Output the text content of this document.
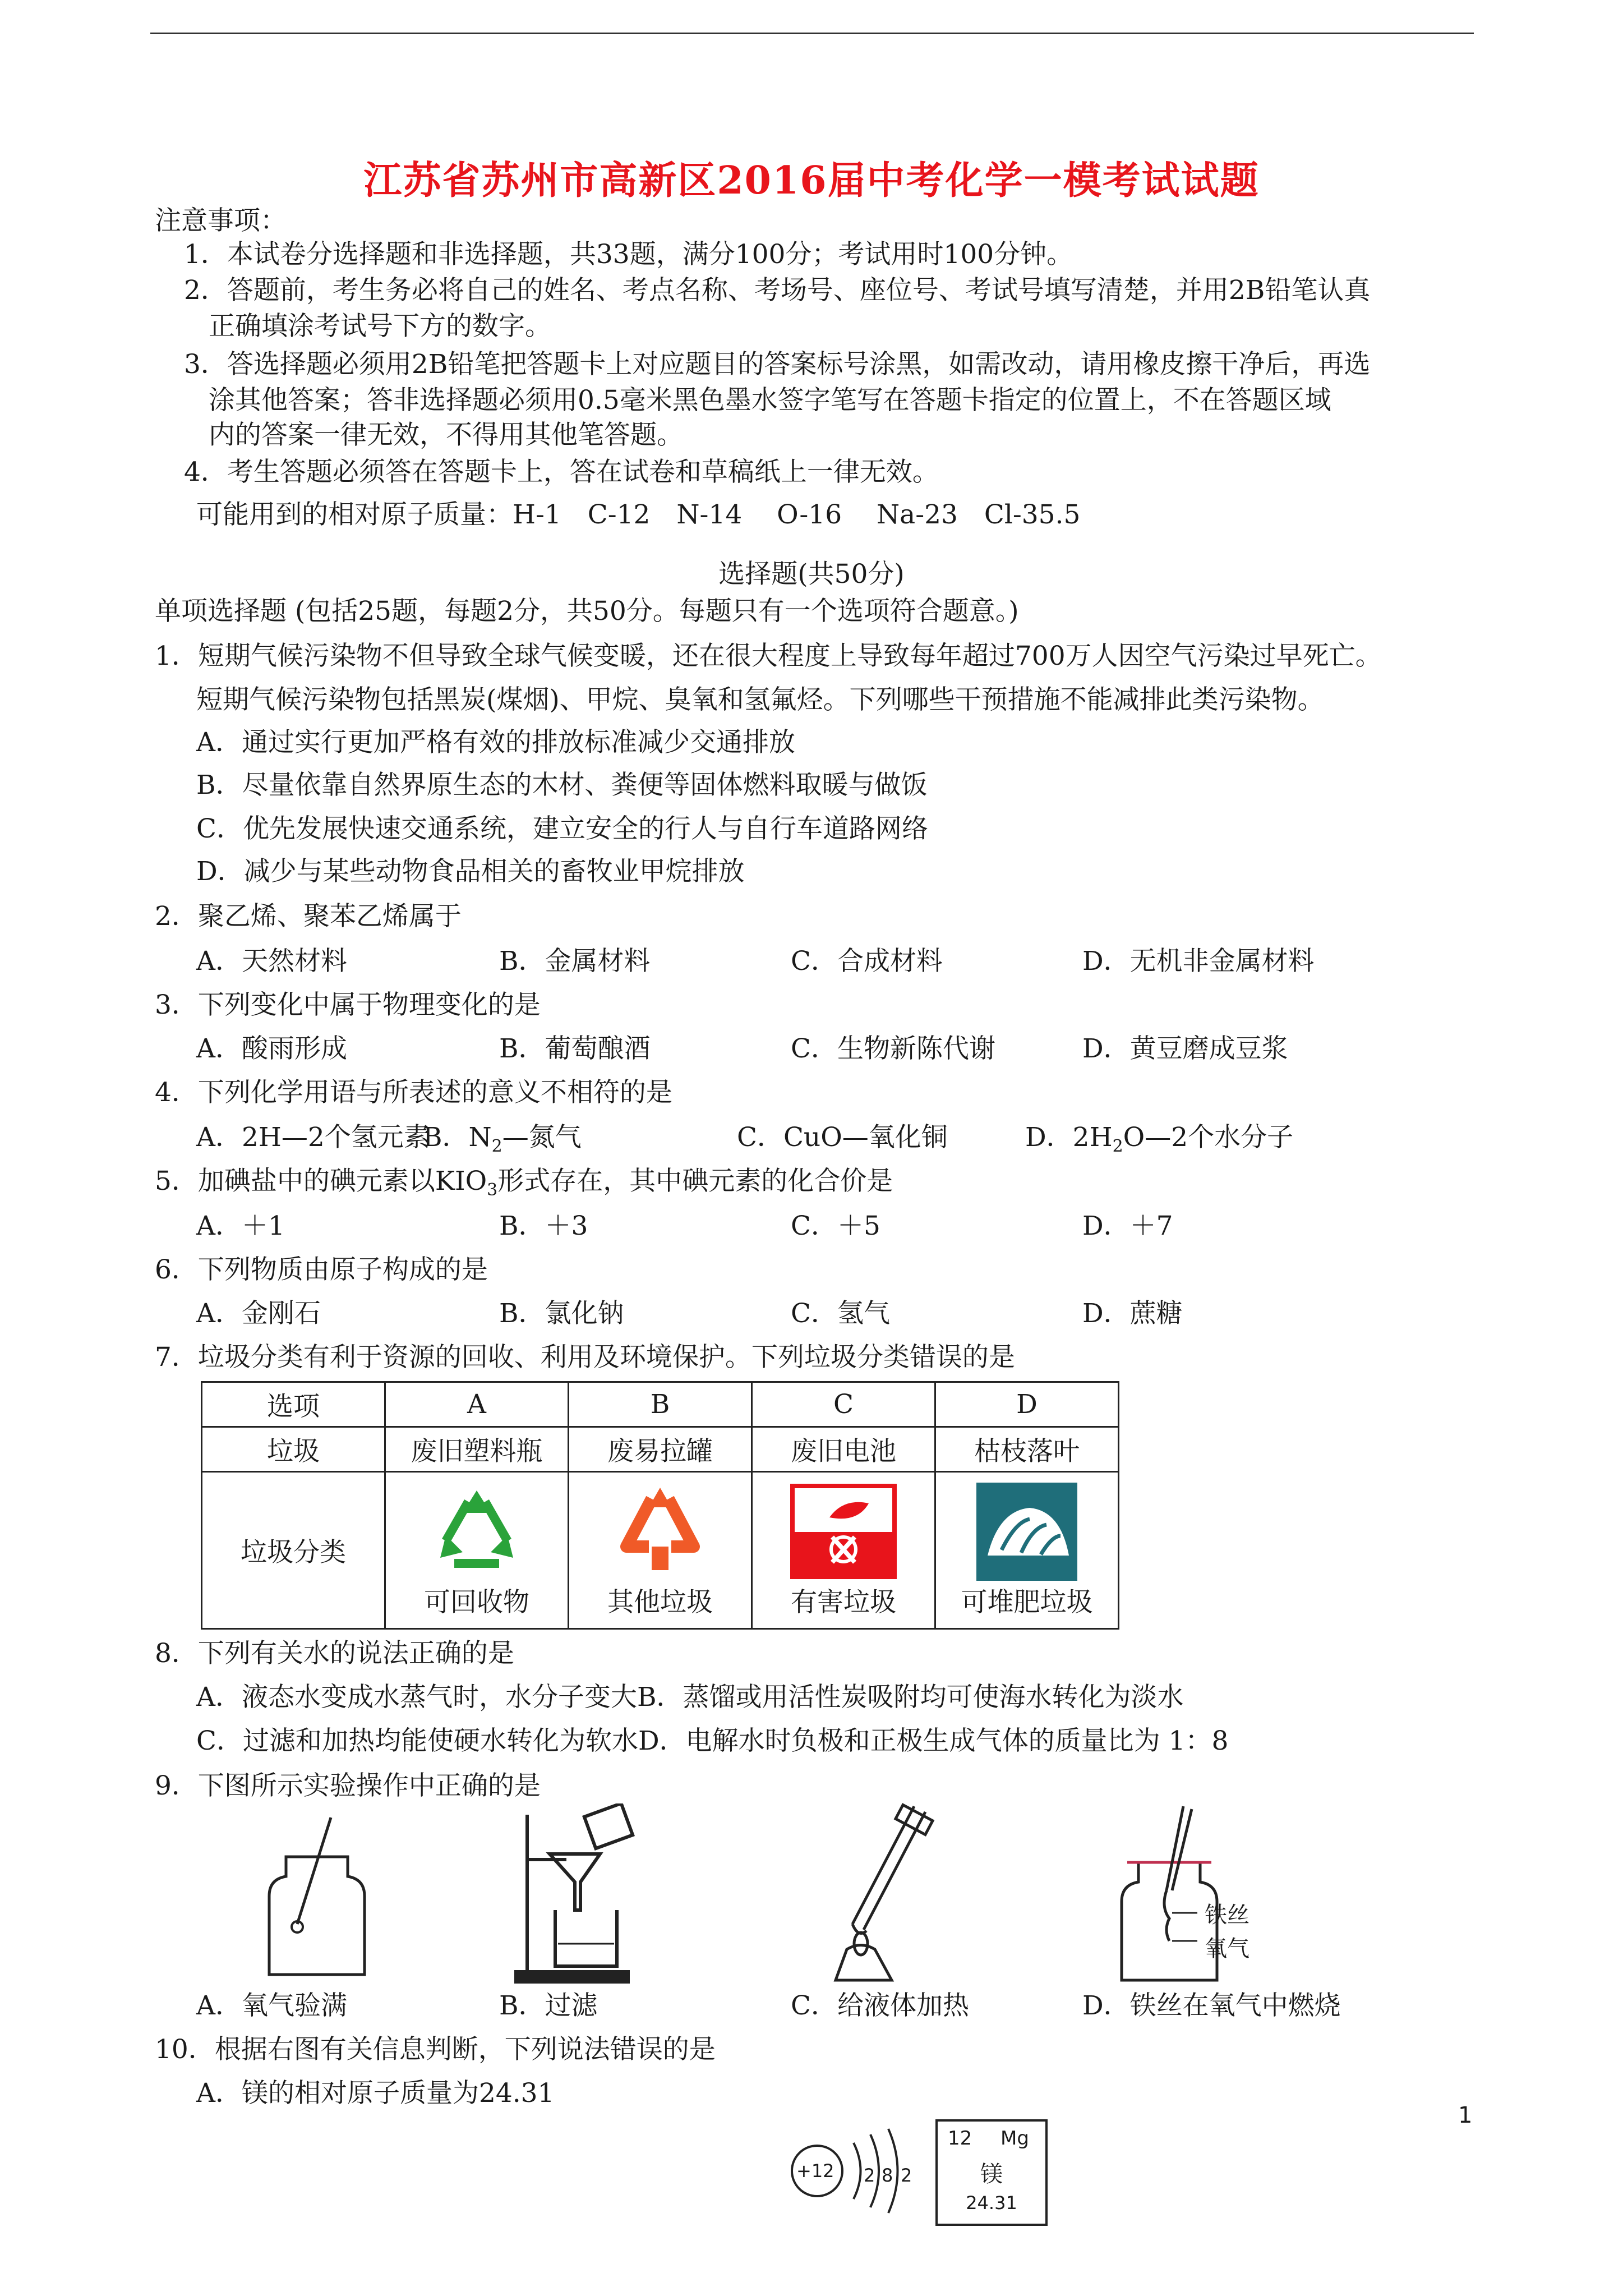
江苏省苏州市高新区2016届中考化学一模考试试题
注意事项：
1．本试卷分选择题和非选择题，共33题，满分100分；考试用时100分钟。
2．答题前，考生务必将自己的姓名、考点名称、考场号、座位号、考试号填写清楚，并用2B铅笔认真
正确填涂考试号下方的数字。
3．答选择题必须用2B铅笔把答题卡上对应题目的答案标号涂黑，如需改动，请用橡皮擦干净后，再选
涂其他答案；答非选择题必须用0.5毫米黑色墨水签字笔写在答题卡指定的位置上，不在答题区域
内的答案一律无效，不得用其他笔答题。
4．考生答题必须答在答题卡上，答在试卷和草稿纸上一律无效。
可能用到的相对原子质量：H-1　C-12　N-14　 O-16　 Na-23　Cl-35.5
选择题(共50分)
单项选择题 (包括25题，每题2分，共50分。每题只有一个选项符合题意。)
1．短期气候污染物不但导致全球气候变暖，还在很大程度上导致每年超过700万人因空气污染过早死亡。
短期气候污染物包括黑炭(煤烟)、甲烷、臭氧和氢氟烃。下列哪些干预措施不能减排此类污染物。
A．通过实行更加严格有效的排放标准减少交通排放
B．尽量依靠自然界原生态的木材、粪便等固体燃料取暖与做饭
C．优先发展快速交通系统，建立安全的行人与自行车道路网络
D．减少与某些动物食品相关的畜牧业甲烷排放
2．聚乙烯、聚苯乙烯属于
A．天然材料	B．金属材料	C．合成材料	D．无机非金属材料
3．下列变化中属于物理变化的是
A．酸雨形成	B．葡萄酿酒	C．生物新陈代谢	D．黄豆磨成豆浆
4．下列化学用语与所表述的意义不相符的是
A．2H—2个氢元素
B．$N_2—$氮气	C．CuO—氧化铜	D．$2H_2O—2$个水分子
5．加碘盐中的碘元素以$KIO_3$形式存在，其中碘元素的化合价是
A．＋1	B．＋3	C．＋5	D．＋7
6．下列物质由原子构成的是
A．金刚石	B．氯化钠	C．氢气	D．蔗糖
7．垃圾分类有利于资源的回收、利用及环境保护。下列垃圾分类错误的是
选项	A	B	C	D
垃圾	废旧塑料瓶	废易拉罐	废旧电池	枯枝落叶
垃圾分类	可回收物	其他垃圾	有害垃圾	可堆肥垃圾
8．下列有关水的说法正确的是
A．液态水变成水蒸气时，水分子变大B．蒸馏或用活性炭吸附均可使海水转化为淡水
C．过滤和加热均能使硬水转化为软水D．电解水时负极和正极生成气体的质量比为 1：8
9．下图所示实验操作中正确的是
铁丝
氧气
A．氧气验满	B．过滤	C．给液体加热	D．铁丝在氧气中燃烧
10．根据右图有关信息判断，下列说法错误的是
A．镁的相对原子质量为24.31
+12 2 8 2
12 Mg
镁
24.31
1
